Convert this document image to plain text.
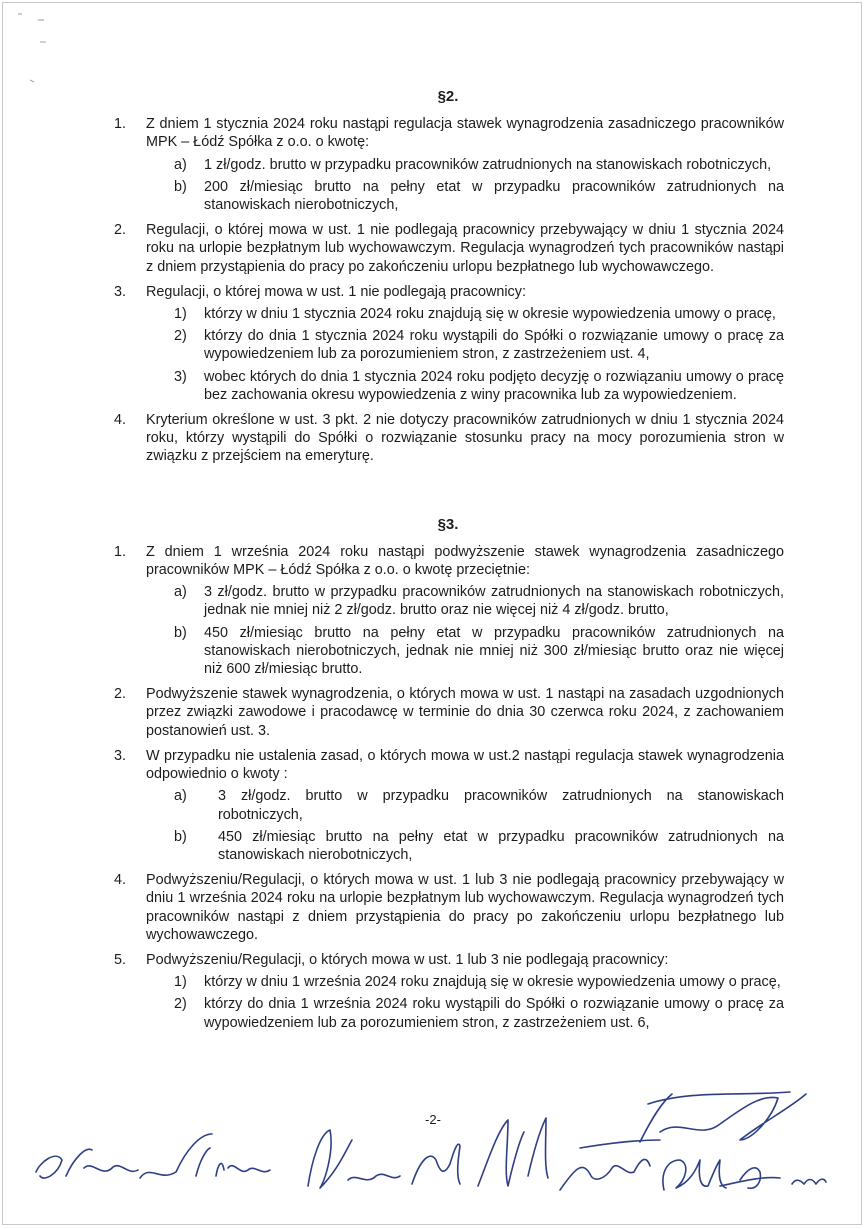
§2.
1.	Z dniem 1 stycznia 2024 roku nastąpi regulacja stawek wynagrodzenia zasadniczego pracowników MPK – Łódź Spółka z o.o. o kwotę:
a)	1 zł/godz. brutto w przypadku pracowników zatrudnionych na stanowiskach robotniczych,
b)	200 zł/miesiąc brutto na pełny etat w przypadku pracowników zatrudnionych na stanowiskach nierobotniczych,
2.	Regulacji, o której mowa w ust. 1 nie podlegają pracownicy przebywający w dniu 1 stycznia 2024 roku na urlopie bezpłatnym lub wychowawczym. Regulacja wynagrodzeń tych pracowników nastąpi z dniem przystąpienia do pracy po zakończeniu urlopu bezpłatnego lub wychowawczego.
3.	Regulacji, o której mowa w ust. 1 nie podlegają pracownicy:
1)	którzy w dniu 1 stycznia 2024 roku znajdują się w okresie wypowiedzenia umowy o pracę,
2)	którzy do dnia 1 stycznia 2024 roku wystąpili do Spółki o rozwiązanie umowy o pracę za wypowiedzeniem lub za porozumieniem stron, z zastrzeżeniem ust. 4,
3)	wobec których do dnia 1 stycznia 2024 roku podjęto decyzję o rozwiązaniu umowy o pracę bez zachowania okresu wypowiedzenia z winy pracownika lub za wypowiedzeniem.
4.	Kryterium określone w ust. 3 pkt. 2 nie dotyczy pracowników zatrudnionych w dniu 1 stycznia 2024 roku, którzy wystąpili do Spółki o rozwiązanie stosunku pracy na mocy porozumienia stron w związku z przejściem na emeryturę.
§3.
1.	Z dniem 1 września 2024 roku nastąpi podwyższenie stawek wynagrodzenia zasadniczego pracowników MPK – Łódź Spółka z o.o. o kwotę przeciętnie:
a)	3 zł/godz. brutto w przypadku pracowników zatrudnionych na stanowiskach robotniczych, jednak nie mniej niż 2 zł/godz. brutto oraz nie więcej niż 4 zł/godz. brutto,
b)	450 zł/miesiąc brutto na pełny etat w przypadku pracowników zatrudnionych na stanowiskach nierobotniczych, jednak nie mniej niż 300 zł/miesiąc brutto oraz nie więcej niż 600 zł/miesiąc brutto.
2.	Podwyższenie stawek wynagrodzenia, o których mowa w ust. 1 nastąpi na zasadach uzgodnionych przez związki zawodowe i pracodawcę w terminie do dnia 30 czerwca roku 2024, z zachowaniem postanowień ust. 3.
3.	W przypadku nie ustalenia zasad, o których mowa w ust.2 nastąpi regulacja stawek wynagrodzenia odpowiednio o kwoty :
a)	3 zł/godz. brutto w przypadku pracowników zatrudnionych na stanowiskach robotniczych,
b)	450 zł/miesiąc brutto na pełny etat w przypadku pracowników zatrudnionych na stanowiskach nierobotniczych,
4.	Podwyższeniu/Regulacji, o których mowa w ust. 1 lub 3 nie podlegają pracownicy przebywający w dniu 1 września 2024 roku na urlopie bezpłatnym lub wychowawczym. Regulacja wynagrodzeń tych pracowników nastąpi z dniem przystąpienia do pracy po zakończeniu urlopu bezpłatnego lub wychowawczego.
5.	Podwyższeniu/Regulacji, o których mowa w ust. 1 lub 3 nie podlegają pracownicy:
1)	którzy w dniu 1 września 2024 roku znajdują się w okresie wypowiedzenia umowy o pracę,
2)	którzy do dnia 1 września 2024 roku wystąpili do Spółki o rozwiązanie umowy o pracę za wypowiedzeniem lub za porozumieniem stron, z zastrzeżeniem ust. 6,
-2-
